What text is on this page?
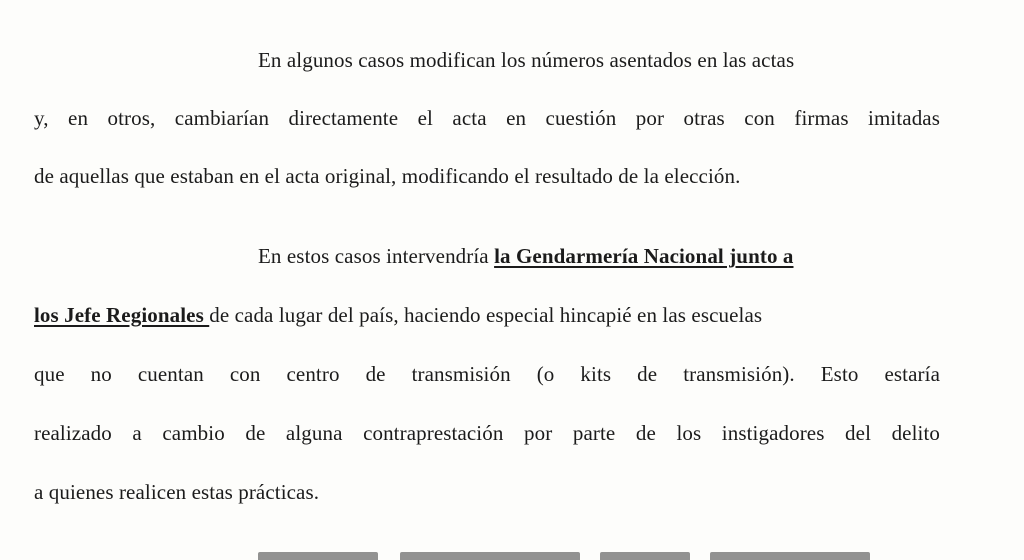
En algunos casos modifican los números asentados en las actas
y, en otros, cambiarían directamente el acta en cuestión por otras con firmas imitadas
de aquellas que estaban en el acta original, modificando el resultado de la elección.
En estos casos intervendría la Gendarmería Nacional junto a
los Jefe Regionales de cada lugar del país, haciendo especial hincapié en las escuelas
que no cuentan con centro de transmisión (o kits de transmisión). Esto estaría
realizado a cambio de alguna contraprestación por parte de los instigadores del delito
a quienes realicen estas prácticas.
